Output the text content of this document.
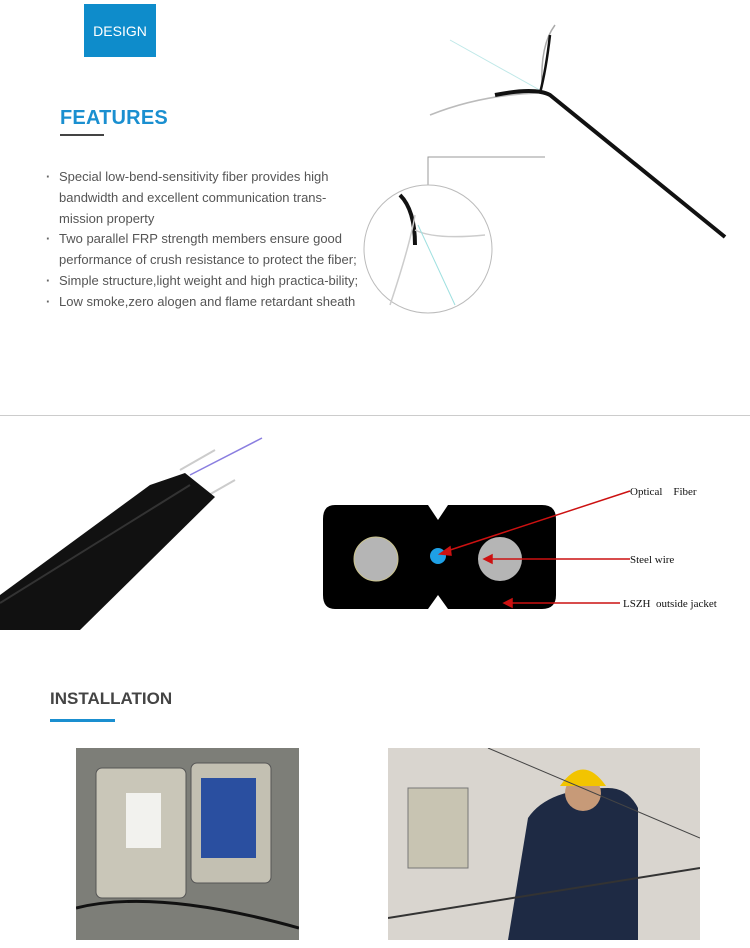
DESIGN
FEATURES
· Special low-bend-sensitivity fiber provides high bandwidth and excellent communication trans-mission property
· Two parallel FRP strength members ensure good performance of crush resistance to protect the fiber;
· Simple structure,light weight and high practica-bility;
· Low smoke,zero alogen and flame retardant sheath
Optical    Fiber
Steel wire
LSZH  outside jacket
INSTALLATION
